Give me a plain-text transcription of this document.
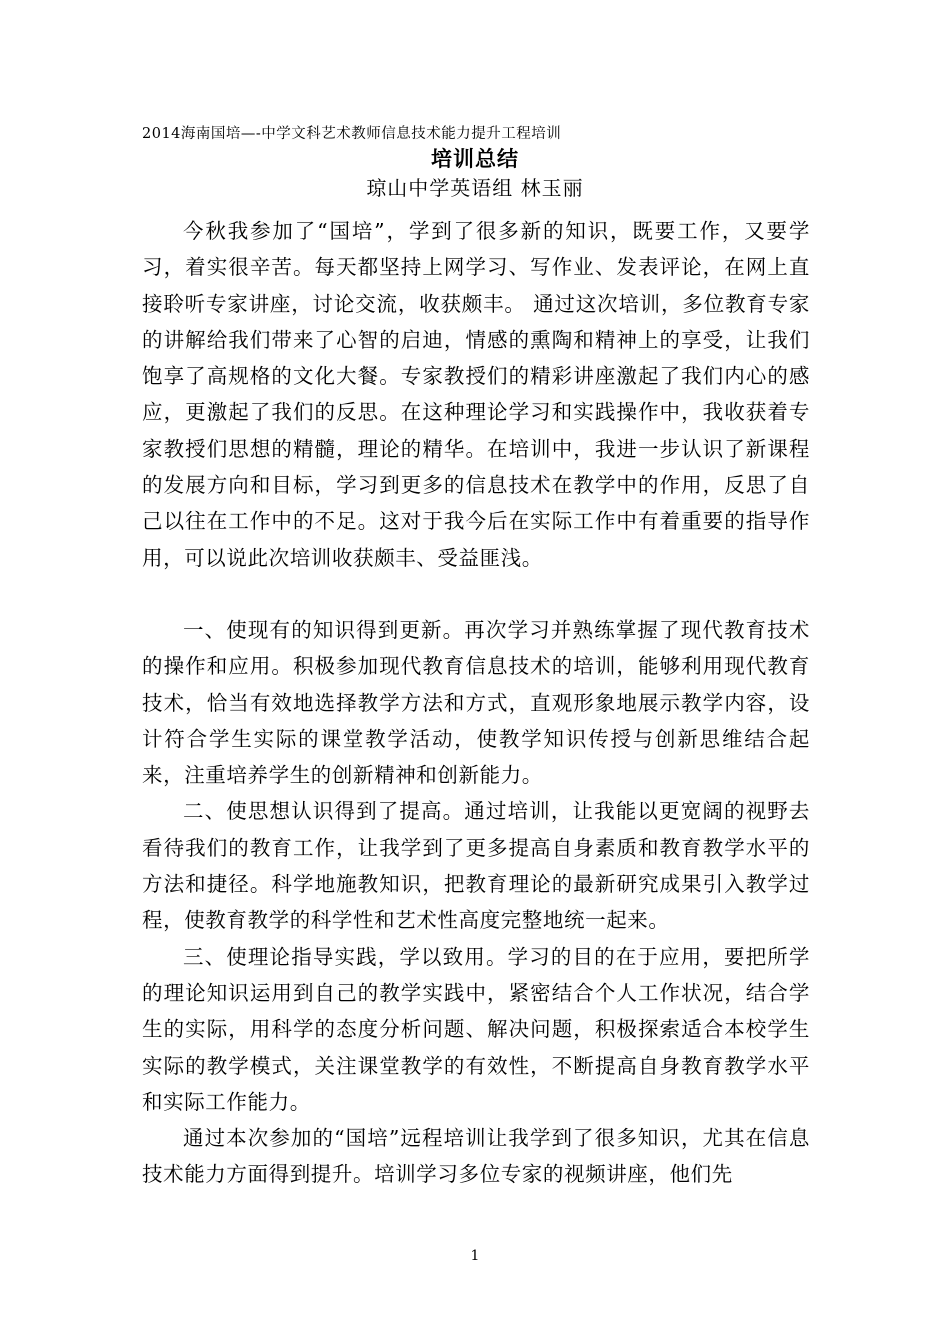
2014海南国培—-中学文科艺术教师信息技术能力提升工程培训
培训总结
琼山中学英语组 林玉丽

今秋我参加了“国培”，学到了很多新的知识，既要工作，又要学习，着实很辛苦。每天都坚持上网学习、写作业、发表评论，在网上直接聆听专家讲座，讨论交流，收获颇丰。 通过这次培训，多位教育专家的讲解给我们带来了心智的启迪，情感的熏陶和精神上的享受，让我们饱享了高规格的文化大餐。专家教授们的精彩讲座激起了我们内心的感应，更激起了我们的反思。在这种理论学习和实践操作中，我收获着专家教授们思想的精髓，理论的精华。在培训中，我进一步认识了新课程的发展方向和目标，学习到更多的信息技术在教学中的作用，反思了自己以往在工作中的不足。这对于我今后在实际工作中有着重要的指导作用，可以说此次培训收获颇丰、受益匪浅。

一、使现有的知识得到更新。再次学习并熟练掌握了现代教育技术的操作和应用。积极参加现代教育信息技术的培训，能够利用现代教育技术，恰当有效地选择教学方法和方式，直观形象地展示教学内容，设计符合学生实际的课堂教学活动，使教学知识传授与创新思维结合起来，注重培养学生的创新精神和创新能力。

二、使思想认识得到了提高。通过培训，让我能以更宽阔的视野去看待我们的教育工作，让我学到了更多提高自身素质和教育教学水平的方法和捷径。科学地施教知识，把教育理论的最新研究成果引入教学过程，使教育教学的科学性和艺术性高度完整地统一起来。

三、使理论指导实践，学以致用。学习的目的在于应用，要把所学的理论知识运用到自己的教学实践中，紧密结合个人工作状况，结合学生的实际，用科学的态度分析问题、解决问题，积极探索适合本校学生实际的教学模式，关注课堂教学的有效性，不断提高自身教育教学水平和实际工作能力。

通过本次参加的“国培”远程培训让我学到了很多知识，尤其在信息技术能力方面得到提升。培训学习多位专家的视频讲座，他们先

1
